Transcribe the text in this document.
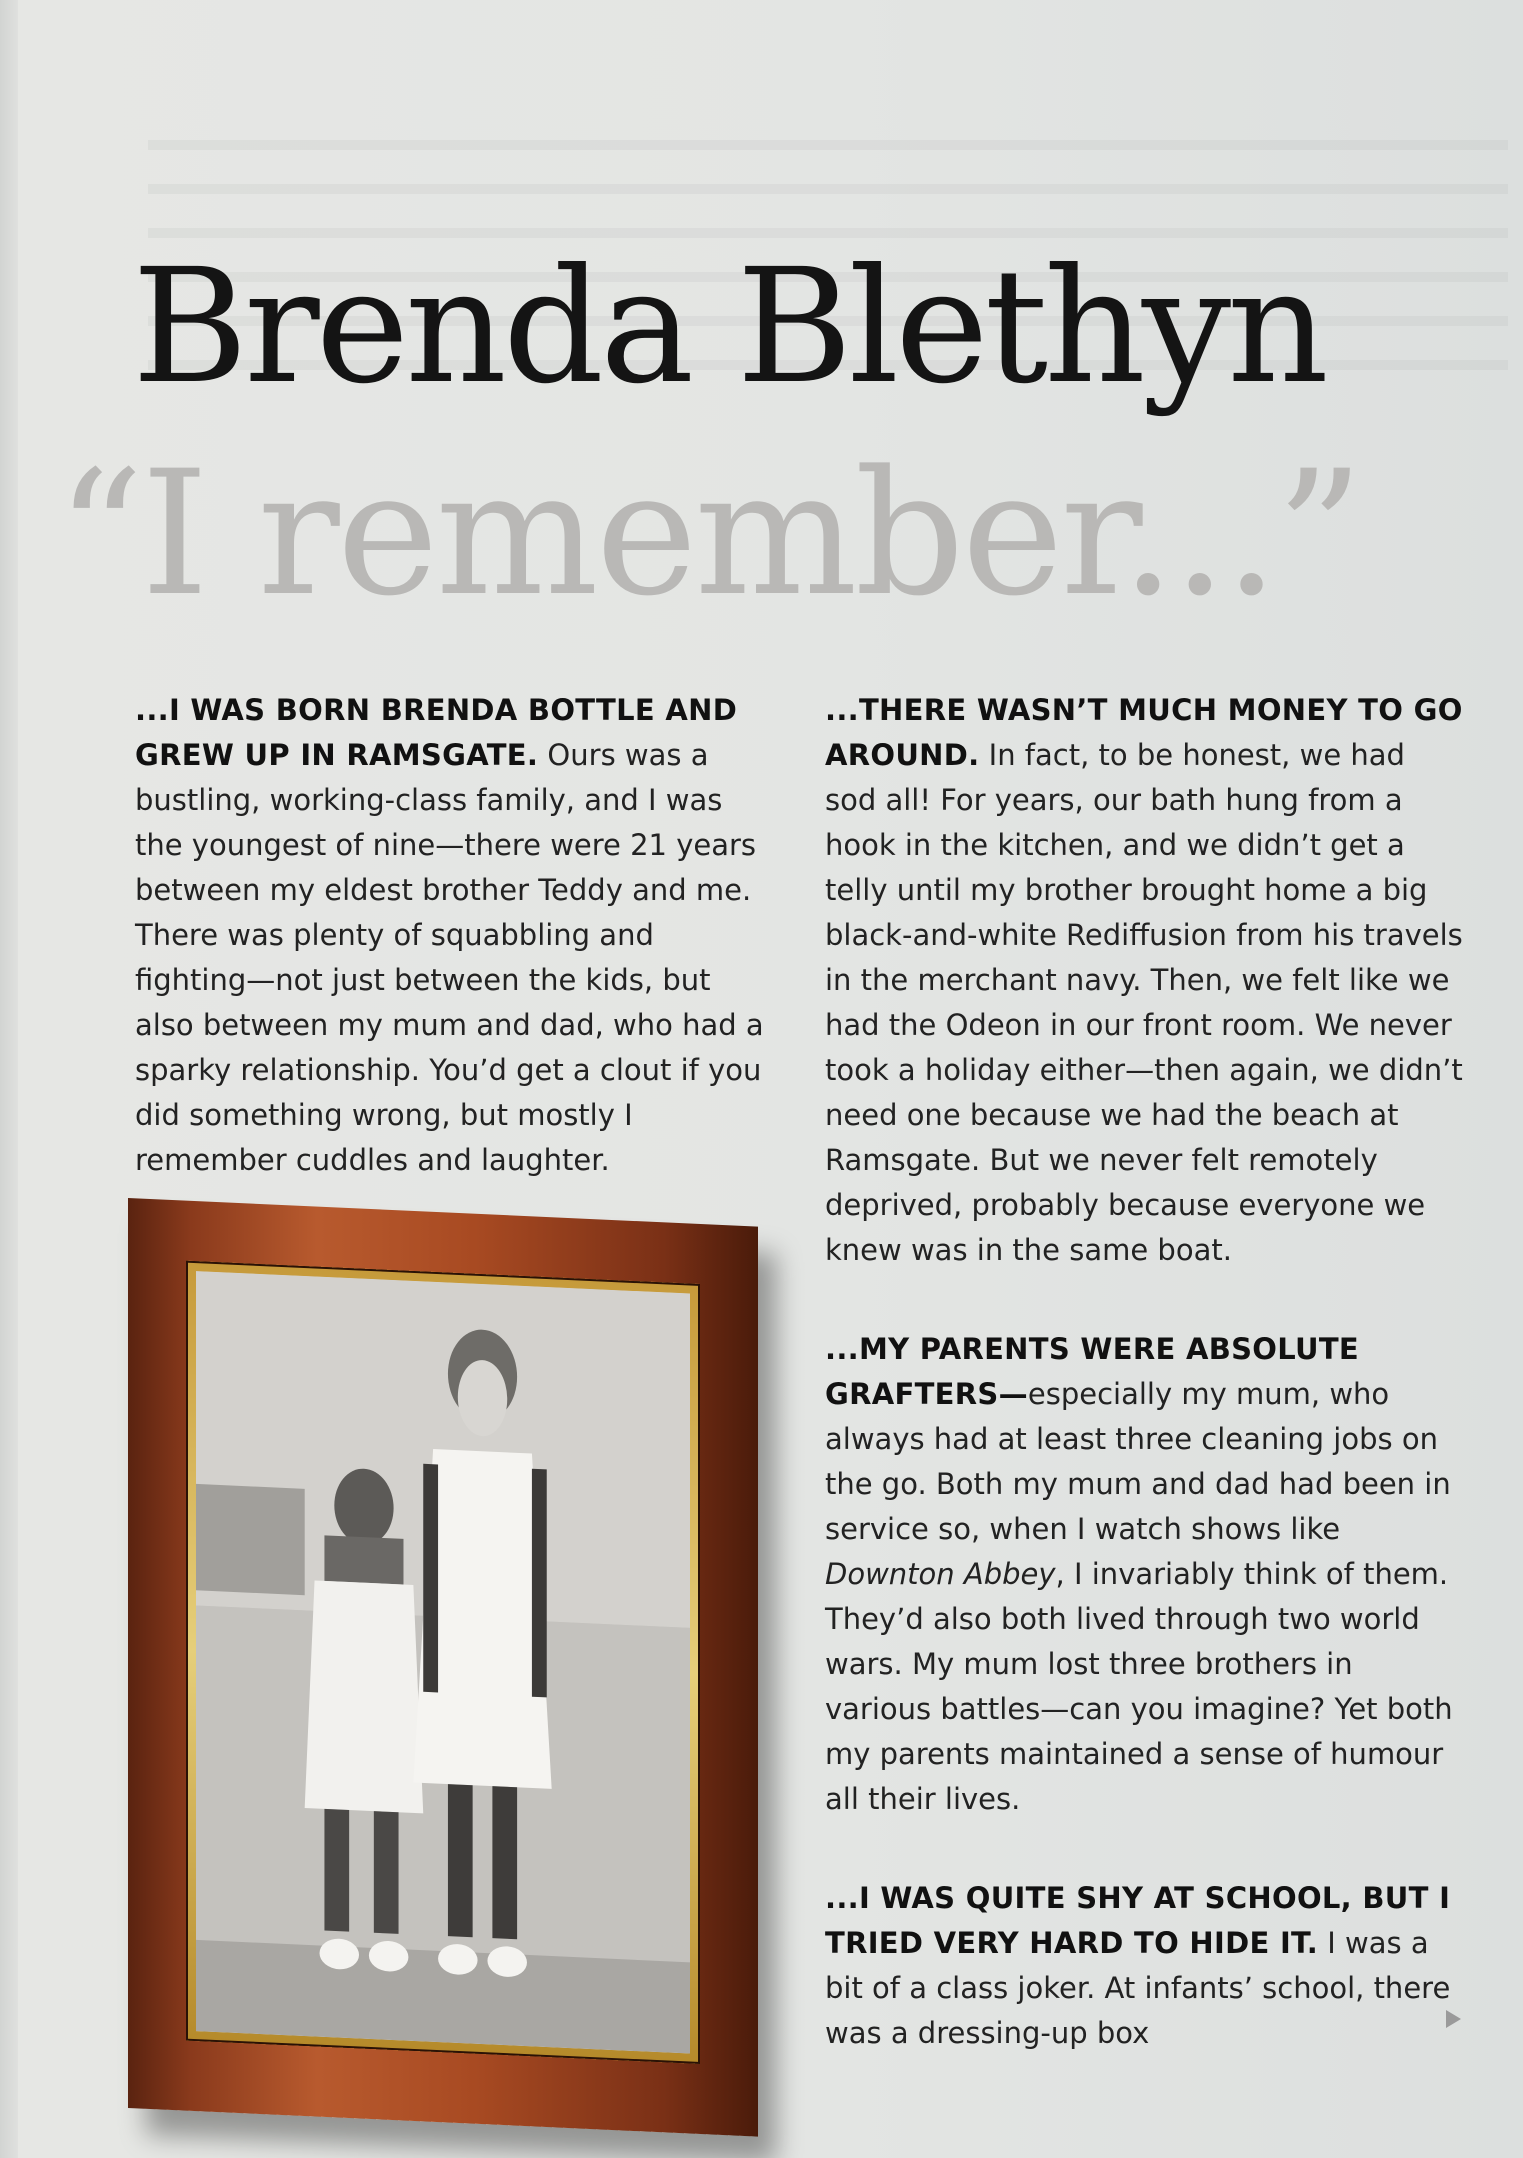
Brenda Blethyn
“I remember...”

...I WAS BORN BRENDA BOTTLE AND GREW UP IN RAMSGATE. Ours was a bustling, working-class family, and I was the youngest of nine—there were 21 years between my eldest brother Teddy and me. There was plenty of squabbling and fighting—not just between the kids, but also between my mum and dad, who had a sparky relationship. You’d get a clout if you did something wrong, but mostly I remember cuddles and laughter.

...THERE WASN’T MUCH MONEY TO GO AROUND. In fact, to be honest, we had sod all! For years, our bath hung from a hook in the kitchen, and we didn’t get a telly until my brother brought home a big black-and-white Rediffusion from his travels in the merchant navy. Then, we felt like we had the Odeon in our front room. We never took a holiday either—then again, we didn’t need one because we had the beach at Ramsgate. But we never felt remotely deprived, probably because everyone we knew was in the same boat.

...MY PARENTS WERE ABSOLUTE GRAFTERS—especially my mum, who always had at least three cleaning jobs on the go. Both my mum and dad had been in service so, when I watch shows like Downton Abbey, I invariably think of them. They’d also both lived through two world wars. My mum lost three brothers in various battles—can you imagine? Yet both my parents maintained a sense of humour all their lives.

...I WAS QUITE SHY AT SCHOOL, BUT I TRIED VERY HARD TO HIDE IT. I was a bit of a class joker. At infants’ school, there was a dressing-up box
